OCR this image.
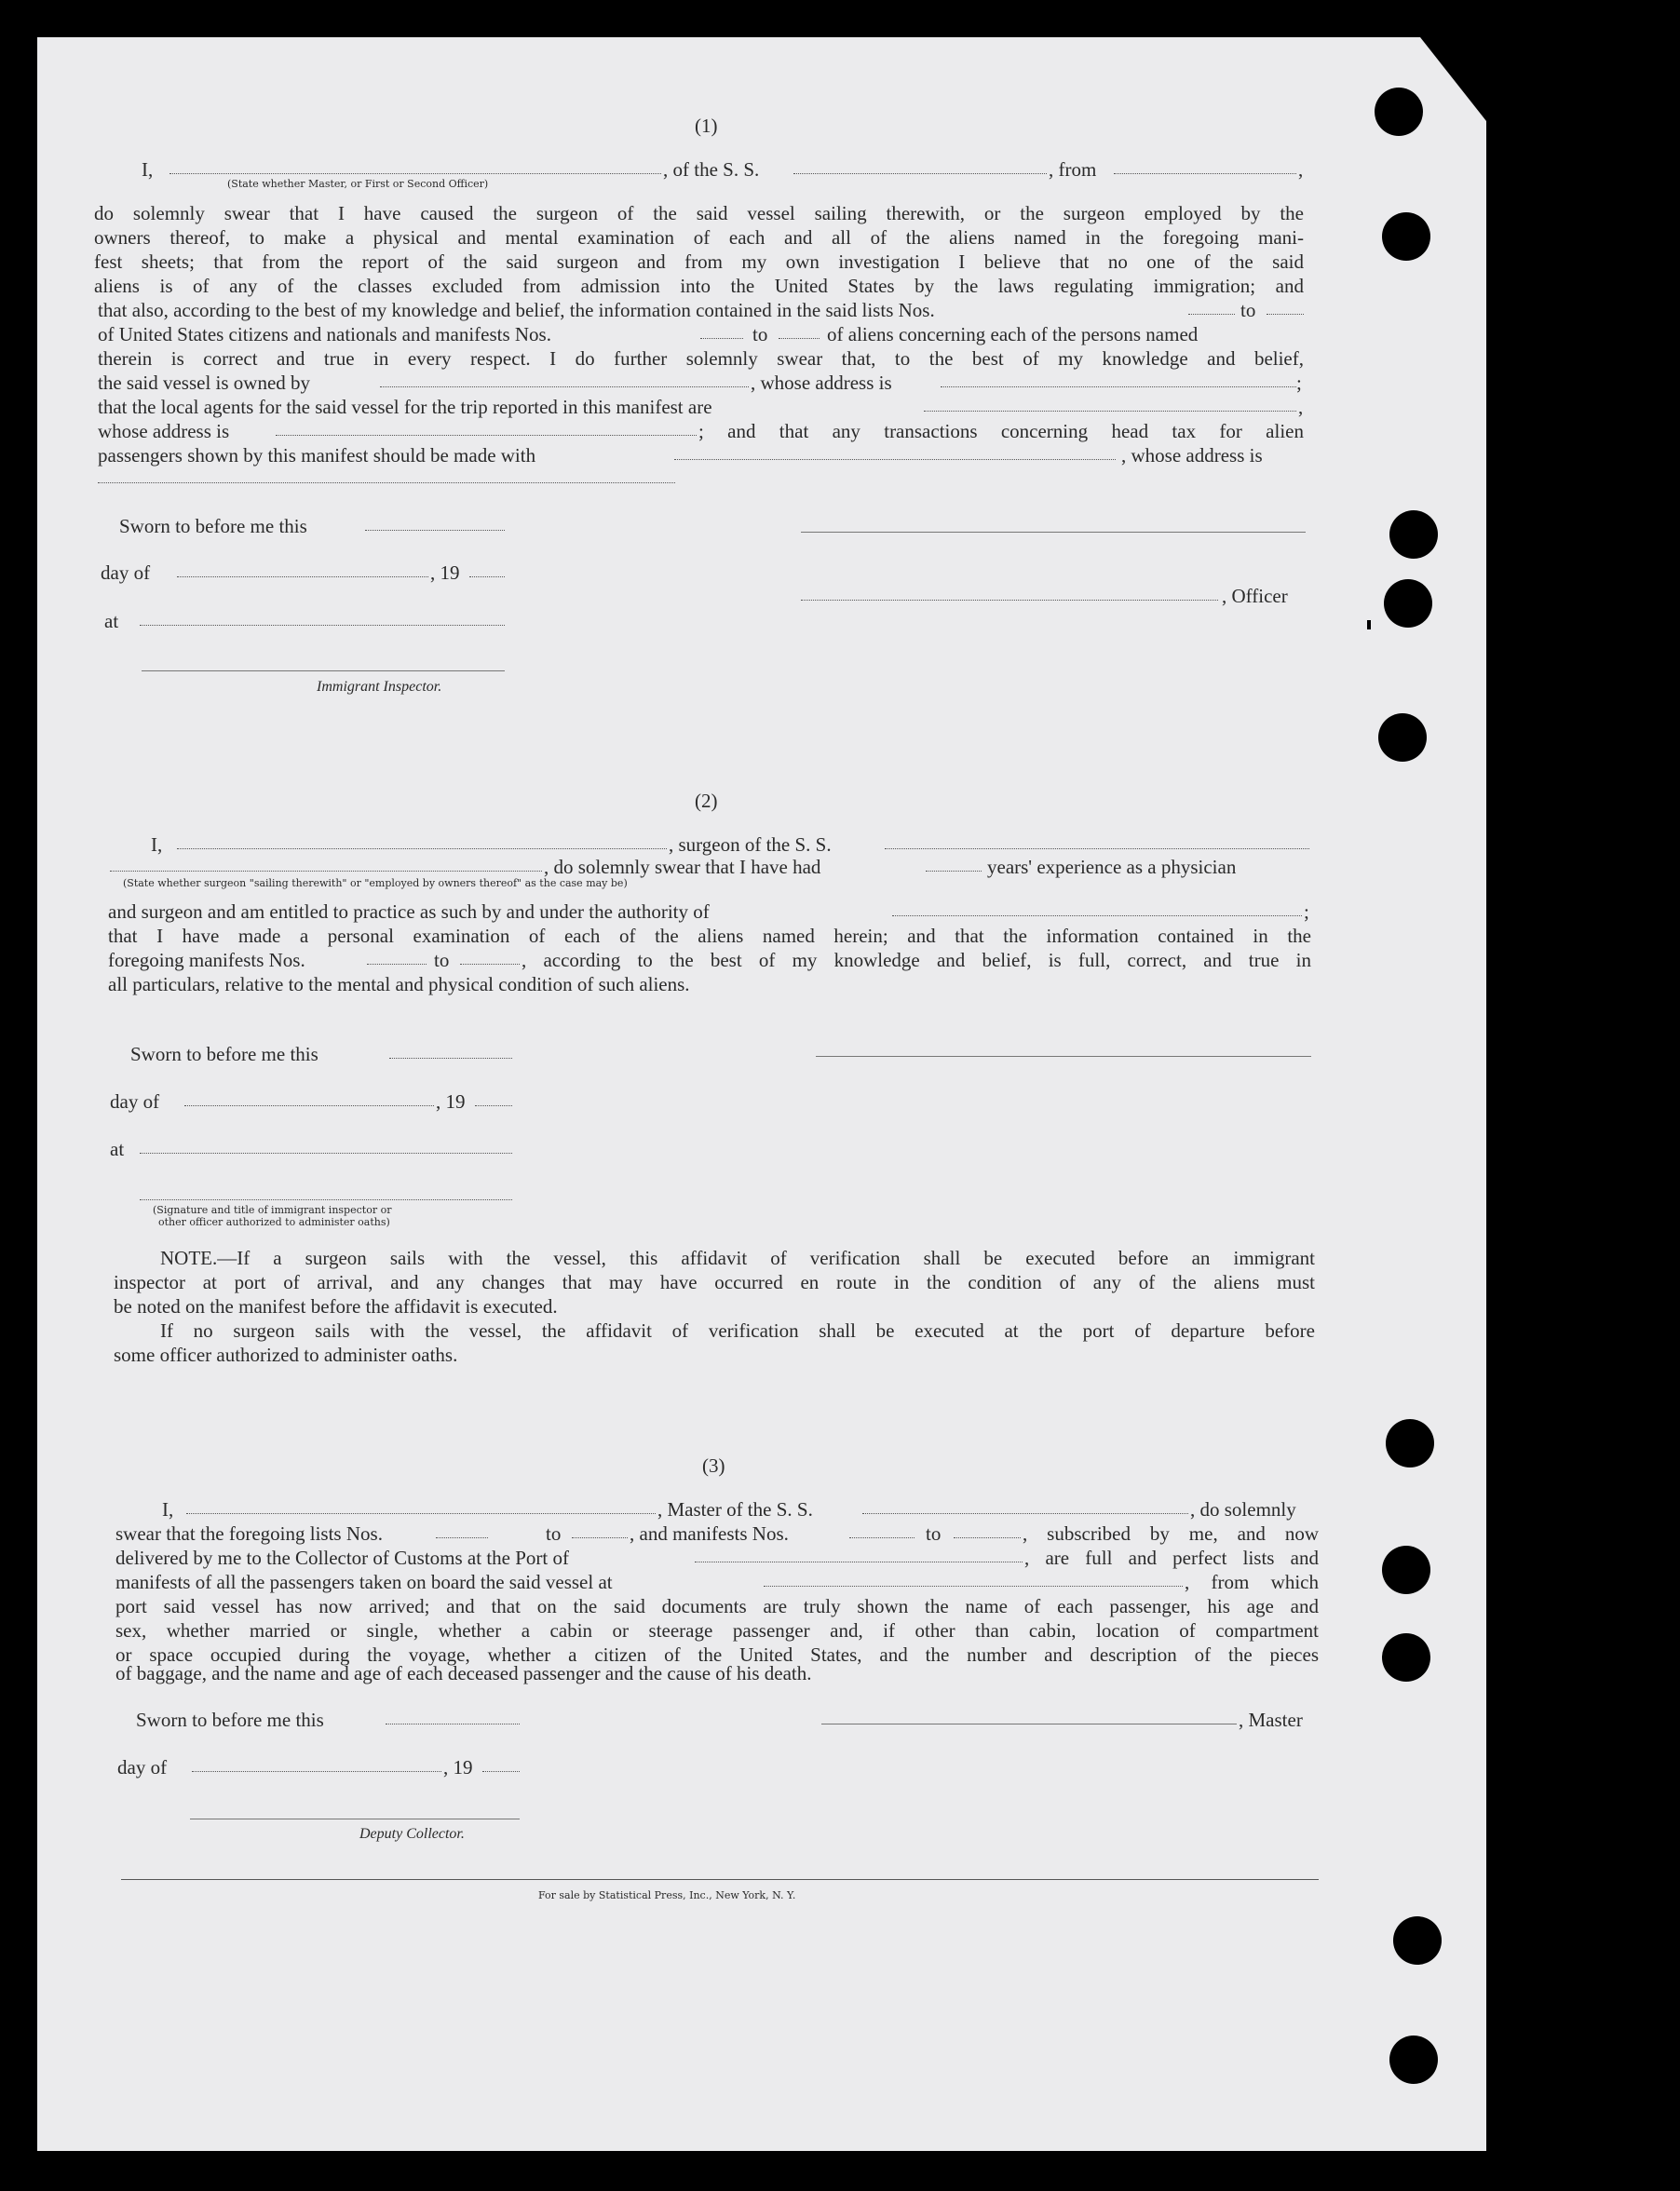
(1)
I,	, of the S. S.	, from	,
(State whether Master, or First or Second Officer)
do solemnly swear that I have caused the surgeon of the said vessel sailing therewith, or the surgeon employed by the
owners thereof, to make a physical and mental examination of each and all of the aliens named in the foregoing mani-
fest sheets; that from the report of the said surgeon and from my own investigation I believe that no one of the said
aliens is of any of the classes excluded from admission into the United States by the laws regulating immigration; and
that also, according to the best of my knowledge and belief, the information contained in the said lists Nos.	to
of United States citizens and nationals and manifests Nos.	to	of aliens concerning each of the persons named
therein is correct and true in every respect. I do further solemnly swear that, to the best of my knowledge and belief,
the said vessel is owned by	, whose address is	;
that the local agents for the said vessel for the trip reported in this manifest are	,
whose address is	; and that any transactions concerning head tax for alien
passengers shown by this manifest should be made with	, whose address is
Sworn to before me this
day of	, 19
at
, Officer
Immigrant Inspector.
(2)
I,	, surgeon of the S. S.
, do solemnly swear that I have had	years' experience as a physician
(State whether surgeon "sailing therewith" or "employed by owners thereof" as the case may be)
and surgeon and am entitled to practice as such by and under the authority of	;
that I have made a personal examination of each of the aliens named herein; and that the information contained in the
foregoing manifests Nos.	to	, according to the best of my knowledge and belief, is full, correct, and true in
all particulars, relative to the mental and physical condition of such aliens.
Sworn to before me this
day of	, 19
at
(Signature and title of immigrant inspector or
other officer authorized to administer oaths)
NOTE.—If a surgeon sails with the vessel, this affidavit of verification shall be executed before an immigrant
inspector at port of arrival, and any changes that may have occurred en route in the condition of any of the aliens must
be noted on the manifest before the affidavit is executed.
If no surgeon sails with the vessel, the affidavit of verification shall be executed at the port of departure before
some officer authorized to administer oaths.
(3)
I,	, Master of the S. S.	, do solemnly
swear that the foregoing lists Nos.	to	, and manifests Nos.	to	, subscribed by me, and now
delivered by me to the Collector of Customs at the Port of	, are full and perfect lists and
manifests of all the passengers taken on board the said vessel at	, from which
port said vessel has now arrived; and that on the said documents are truly shown the name of each passenger, his age and
sex, whether married or single, whether a cabin or steerage passenger and, if other than cabin, location of compartment
or space occupied during the voyage, whether a citizen of the United States, and the number and description of the pieces
of baggage, and the name and age of each deceased passenger and the cause of his death.
Sworn to before me this	, Master
day of	, 19
Deputy Collector.
For sale by Statistical Press, Inc., New York, N. Y.
